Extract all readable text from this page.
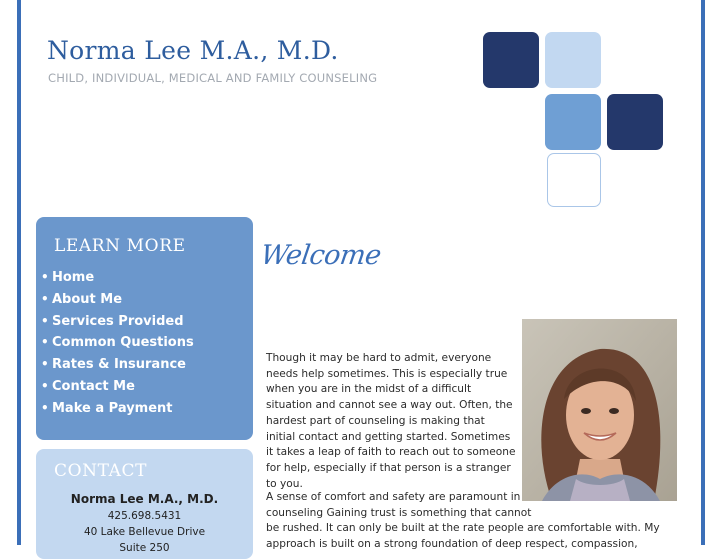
Norma Lee M.A., M.D.
CHILD, INDIVIDUAL, MEDICAL AND FAMILY COUNSELING
LEARN MORE
• Home
• About Me
• Services Provided
• Common Questions
• Rates & Insurance
• Contact Me
• Make a Payment
CONTACT
Norma Lee M.A., M.D.
425.698.5431
40 Lake Bellevue Drive
Suite 250
Welcome
Though it may be hard to admit, everyone needs help sometimes. This is especially true when you are in the midst of a difficult situation and cannot see a way out. Often, the hardest part of counseling is making that initial contact and getting started. Sometimes it takes a leap of faith to reach out to someone for help, especially if that person is a stranger to you.
A sense of comfort and safety are paramount in
counseling Gaining trust is something that cannot
be rushed. It can only be built at the rate people are comfortable with. My
approach is built on a strong foundation of deep respect, compassion,
